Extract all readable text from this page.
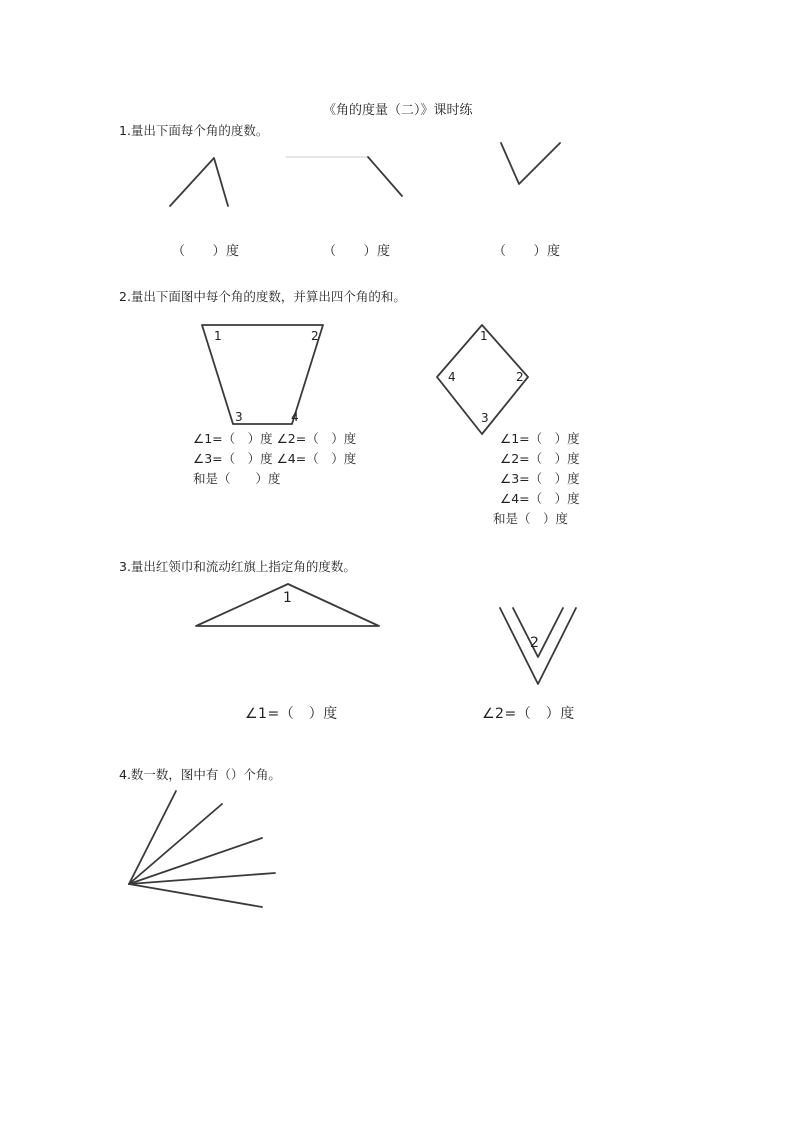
《角的度量（二）》课时练
1.量出下面每个角的度数。
1	2
3	4
1
2
3
4
1
2
（　　）度	（　　）度	（　　）度
2.量出下面图中每个角的度数，并算出四个角的和。
∠1=（　）度 ∠2=（　）度
∠3=（　）度 ∠4=（　）度
和是（　　）度
∠1=（　）度
∠2=（　）度
∠3=（　）度
∠4=（　）度
和是（　）度
3.量出红领巾和流动红旗上指定角的度数。
∠1=（　）度	∠2=（　）度
4.数一数，图中有（）个角。
